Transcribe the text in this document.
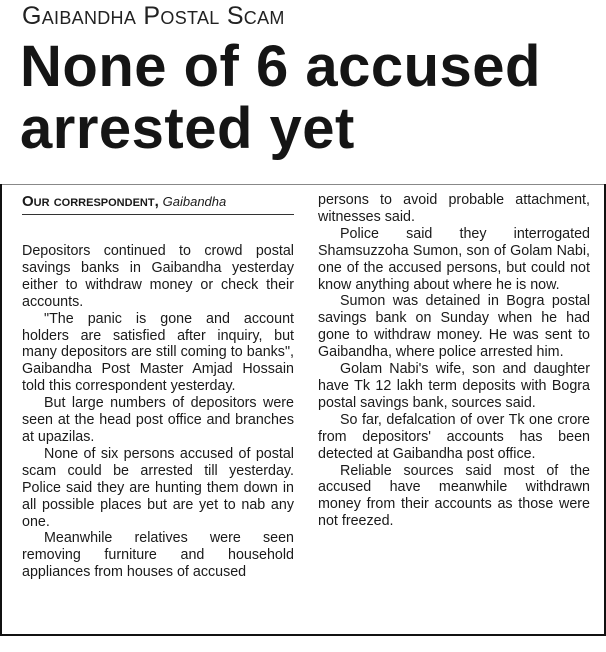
Gaibandha Postal Scam
None of 6 accused arrested yet
Our correspondent, Gaibandha

Depositors continued to crowd postal savings banks in Gaibandha yesterday either to withdraw money or check their accounts.

"The panic is gone and account holders are satisfied after inquiry, but many depositors are still coming to banks", Gaibandha Post Master Amjad Hossain told this correspondent yesterday.

But large numbers of depositors were seen at the head post office and branches at upazilas.

None of six persons accused of postal scam could be arrested till yesterday. Police said they are hunting them down in all possible places but are yet to nab any one.

Meanwhile relatives were seen removing furniture and household appliances from houses of accused

persons to avoid probable attachment, witnesses said.

Police said they interrogated Shamsuzzoha Sumon, son of Golam Nabi, one of the accused persons, but could not know anything about where he is now.

Sumon was detained in Bogra postal savings bank on Sunday when he had gone to withdraw money. He was sent to Gaibandha, where police arrested him.

Golam Nabi's wife, son and daughter have Tk 12 lakh term deposits with Bogra postal savings bank, sources said.

So far, defalcation of over Tk one crore from depositors' accounts has been detected at Gaibandha post office.

Reliable sources said most of the accused have meanwhile withdrawn money from their accounts as those were not freezed.
